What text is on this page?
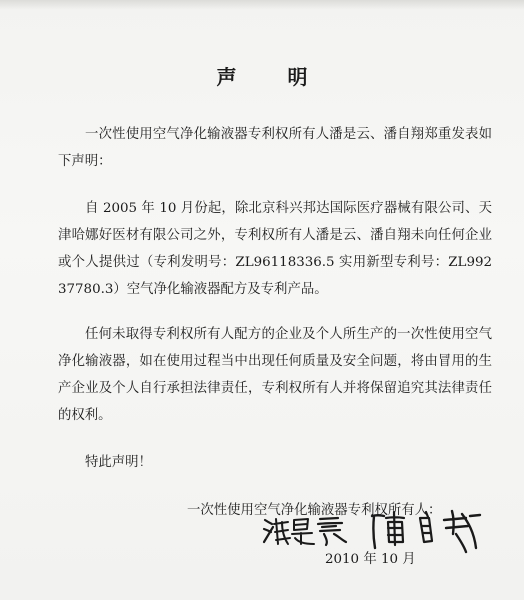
声 明

一次性使用空气净化输液器专利权所有人潘是云、潘自翔郑重发表如下声明：

自 2005 年 10 月份起，除北京科兴邦达国际医疗器械有限公司、天津哈娜好医材有限公司之外，专利权所有人潘是云、潘自翔未向任何企业或个人提供过（专利发明号：ZL96118336.5 实用新型专利号：ZL99237780.3）空气净化输液器配方及专利产品。

任何未取得专利权所有人配方的企业及个人所生产的一次性使用空气净化输液器，如在使用过程当中出现任何质量及安全问题，将由冒用的生产企业及个人自行承担法律责任，专利权所有人并将保留追究其法律责任的权利。

特此声明！

一次性使用空气净化输液器专利权所有人：

2010 年 10 月
